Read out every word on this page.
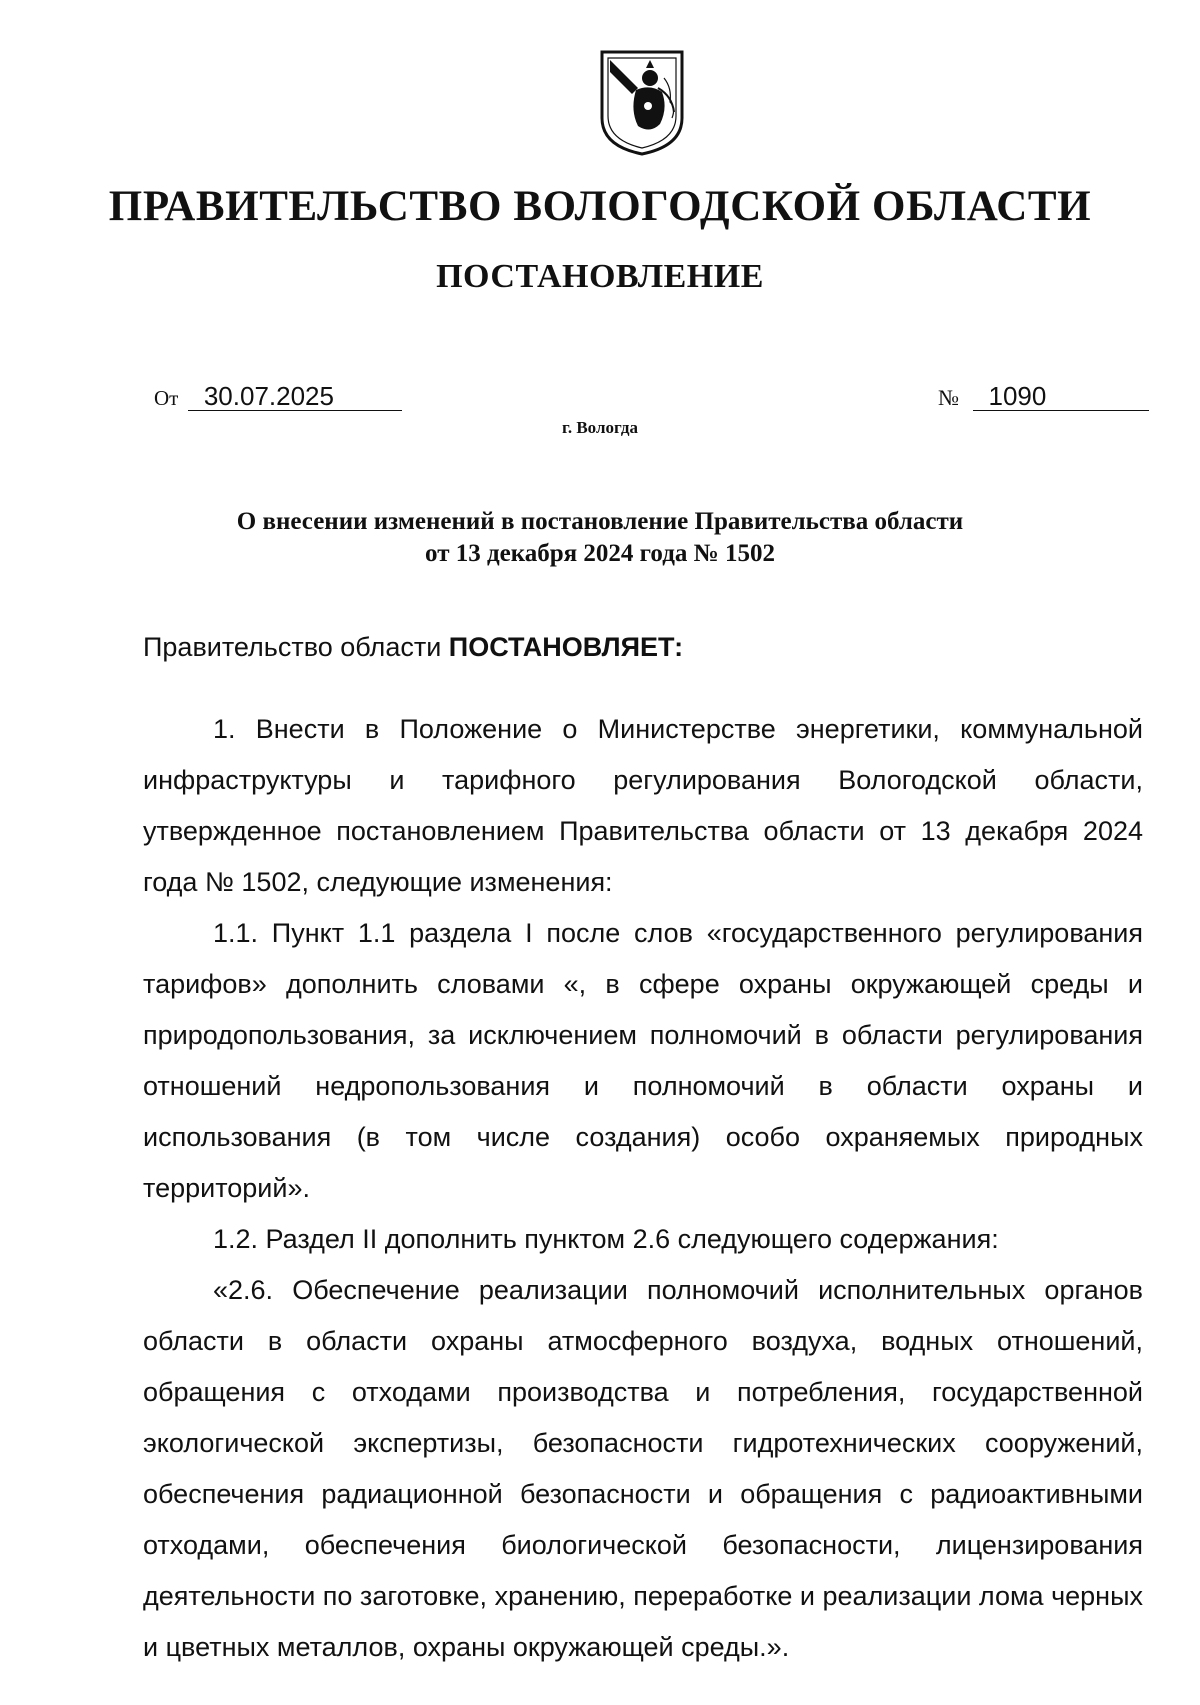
ПРАВИТЕЛЬСТВО ВОЛОГОДСКОЙ ОБЛАСТИ
ПОСТАНОВЛЕНИЕ
От 30.07.2025	№ 1090
г. Вологда
О внесении изменений в постановление Правительства области
от 13 декабря 2024 года № 1502
Правительство области ПОСТАНОВЛЯЕТ:

1. Внести в Положение о Министерстве энергетики, коммунальной инфраструктуры и тарифного регулирования Вологодской области, утвержденное постановлением Правительства области от 13 декабря 2024 года № 1502, следующие изменения:

1.1. Пункт 1.1 раздела I после слов «государственного регулирования тарифов» дополнить словами «, в сфере охраны окружающей среды и природопользования, за исключением полномочий в области регулирования отношений недропользования и полномочий в области охраны и использования (в том числе создания) особо охраняемых природных территорий».

1.2. Раздел II дополнить пунктом 2.6 следующего содержания:

«2.6. Обеспечение реализации полномочий исполнительных органов области в области охраны атмосферного воздуха, водных отношений, обращения с отходами производства и потребления, государственной экологической экспертизы, безопасности гидротехнических сооружений, обеспечения радиационной безопасности и обращения с радиоактивными отходами, обеспечения биологической безопасности, лицензирования деятельности по заготовке, хранению, переработке и реализации лома черных и цветных металлов, охраны окружающей среды.».
